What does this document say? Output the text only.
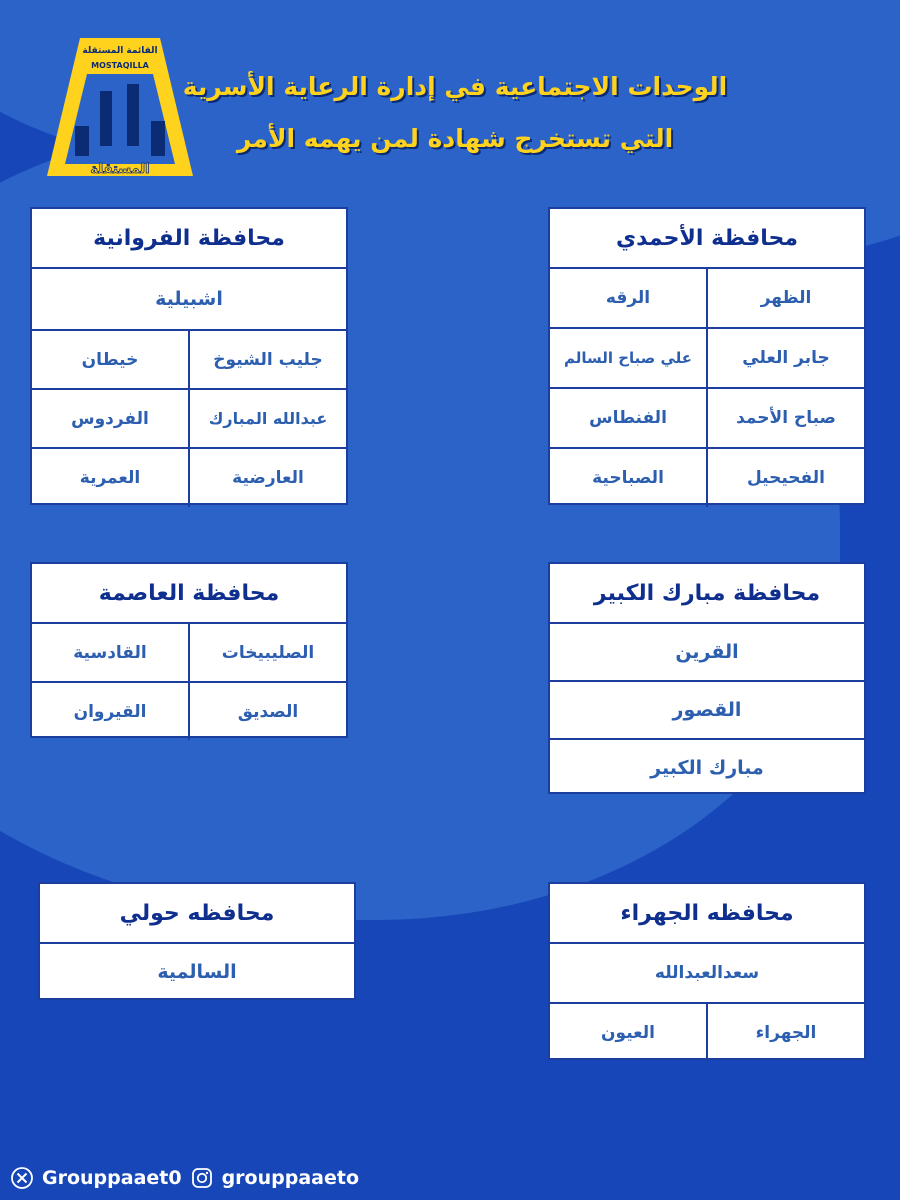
القائمة المستقلة
MOSTAQILLA
المستقلة
الوحدات الاجتماعية في إدارة الرعاية الأسرية
التي تستخرج شهادة لمن يهمه الأمر
محافظة الأحمدي
الظهر
الرقه
جابر العلي
علي صباح السالم
صباح الأحمد
الفنطاس
الفحيحيل
الصباحية
محافظة الفروانية
اشبيلية
جليب الشيوخ
خيطان
عبدالله المبارك
الفردوس
العارضية
العمرية
محافظة مبارك الكبير
القرين
القصور
مبارك الكبير
محافظة العاصمة
الصليبيخات
القادسية
الصديق
القيروان
محافظه الجهراء
سعدالعبدالله
الجهراء
العيون
محافظه حولي
السالمية
Grouppaaet0 grouppaaeto
